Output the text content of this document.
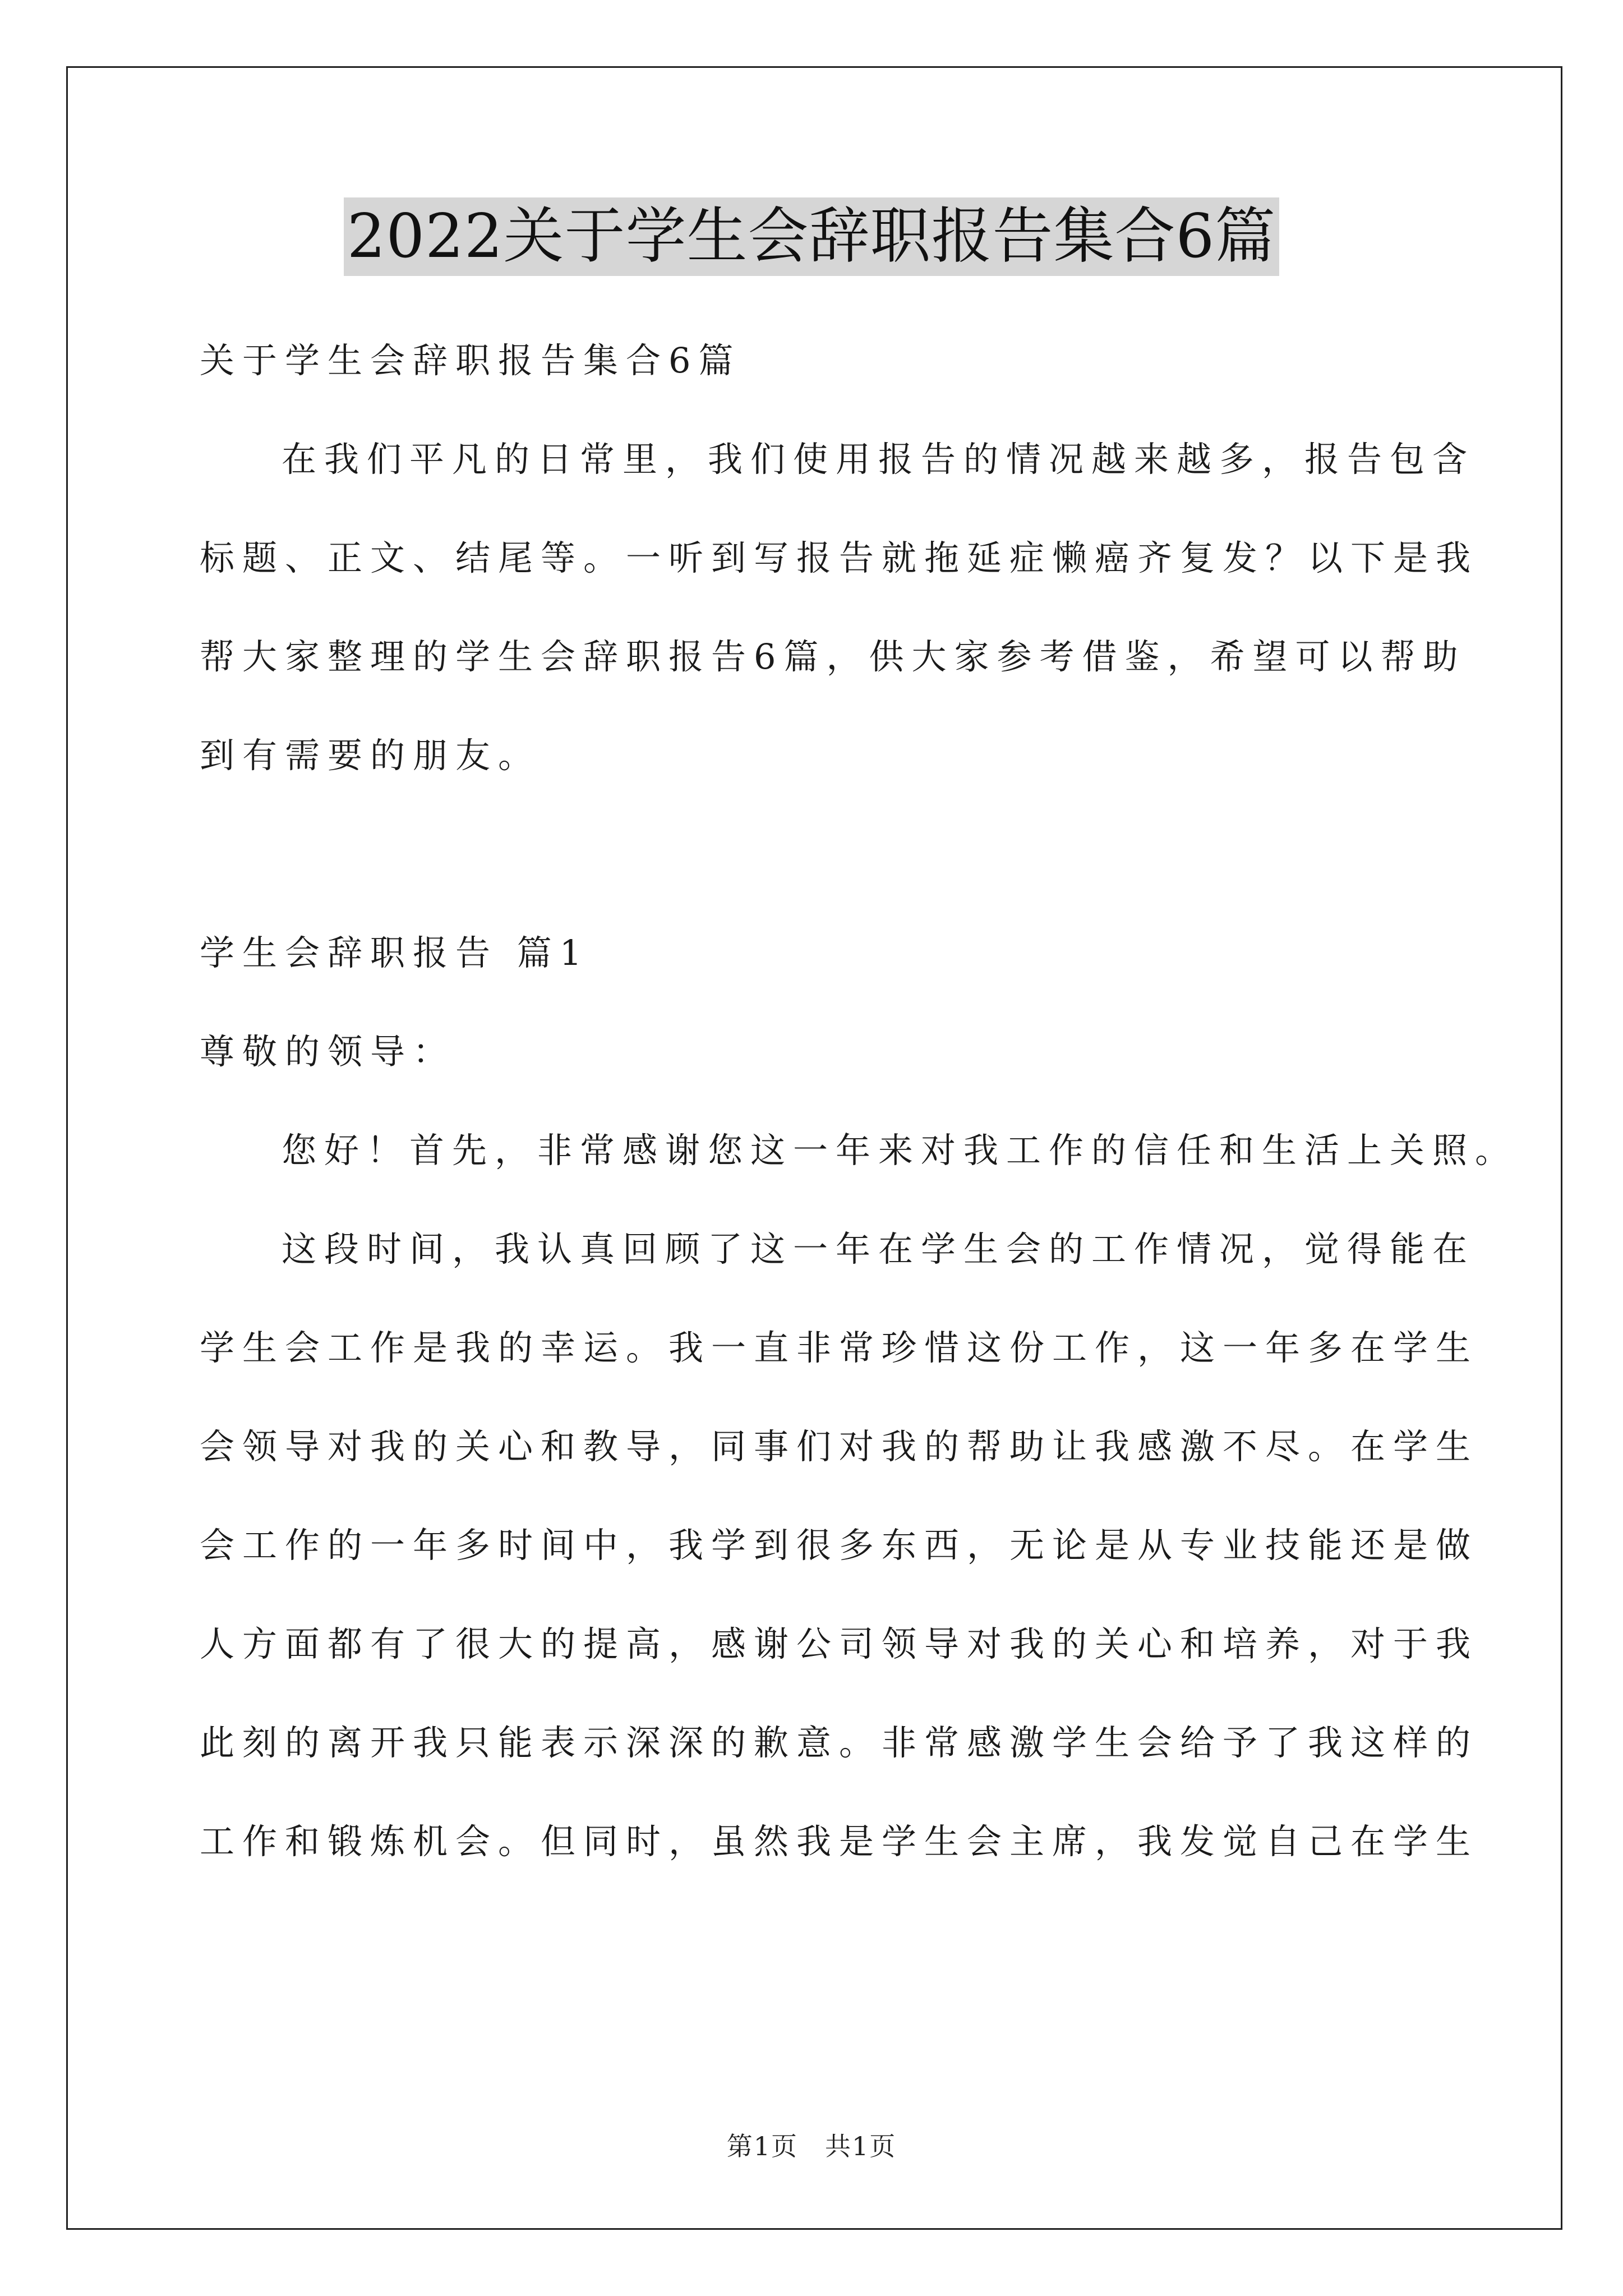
2022关于学生会辞职报告集合6篇
关于学生会辞职报告集合6篇
在我们平凡的日常里，我们使用报告的情况越来越多，报告包含
标题、正文、结尾等。一听到写报告就拖延症懒癌齐复发？以下是我
帮大家整理的学生会辞职报告6篇，供大家参考借鉴，希望可以帮助
到有需要的朋友。
学生会辞职报告 篇1
尊敬的领导：
您好！首先，非常感谢您这一年来对我工作的信任和生活上关照。
这段时间，我认真回顾了这一年在学生会的工作情况，觉得能在
学生会工作是我的幸运。我一直非常珍惜这份工作，这一年多在学生
会领导对我的关心和教导，同事们对我的帮助让我感激不尽。在学生
会工作的一年多时间中，我学到很多东西，无论是从专业技能还是做
人方面都有了很大的提高，感谢公司领导对我的关心和培养，对于我
此刻的离开我只能表示深深的歉意。非常感激学生会给予了我这样的
工作和锻炼机会。但同时，虽然我是学生会主席，我发觉自己在学生
第1页 共1页
